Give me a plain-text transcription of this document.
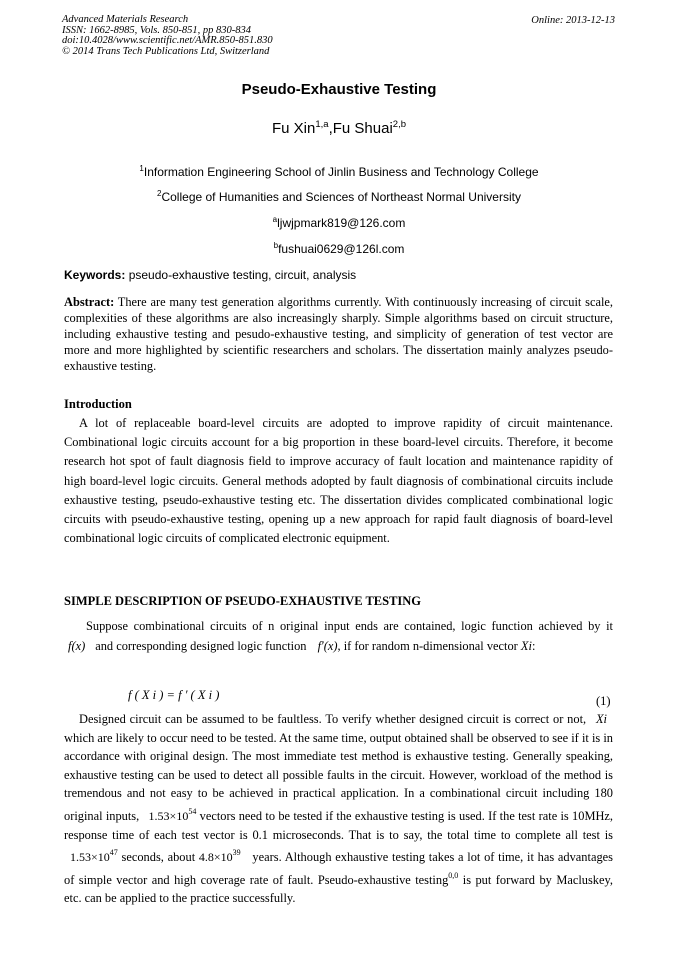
Advanced Materials Research
ISSN: 1662-8985, Vols. 850-851, pp 830-834
doi:10.4028/www.scientific.net/AMR.850-851.830
© 2014 Trans Tech Publications Ltd, Switzerland
Online: 2013-12-13
Pseudo-Exhaustive Testing
Fu Xin$^{1,a}$,Fu Shuai$^{2,b}$
$^1$Information Engineering School of Jinlin Business and Technology College
$^2$College of Humanities and Sciences of Northeast Normal University
$^a$ljwjpmark819@126.com
$^b$fushuai0629@126l.com
Keywords: pseudo-exhaustive testing, circuit, analysis
Abstract: There are many test generation algorithms currently. With continuously increasing of circuit scale, complexities of these algorithms are also increasingly sharply. Simple algorithms based on circuit structure, including exhaustive testing and pesudo-exhaustive testing, and simplicity of generation of test vector are more and more highlighted by scientific researchers and scholars. The dissertation mainly analyzes pseudo-exhaustive testing.
Introduction
A lot of replaceable board-level circuits are adopted to improve rapidity of circuit maintenance. Combinational logic circuits account for a big proportion in these board-level circuits. Therefore, it become research hot spot of fault diagnosis field to improve accuracy of fault location and maintenance rapidity of high board-level logic circuits. General methods adopted by fault diagnosis of combinational circuits include exhaustive testing, pseudo-exhaustive testing etc. The dissertation divides complicated combinational logic circuits with pseudo-exhaustive testing, opening up a new approach for rapid fault diagnosis of board-level combinational logic circuits of complicated electronic equipment.
SIMPLE DESCRIPTION OF PSEUDO-EXHAUSTIVE TESTING
Suppose combinational circuits of n original input ends are contained, logic function achieved by it f(x) and corresponding designed logic function f′(x), if for random n-dimensional vector Xi:
f ( X i ) = f ′ ( X i )	(1)
Designed circuit can be assumed to be faultless. To verify whether designed circuit is correct or not, Xi which are likely to occur need to be tested. At the same time, output obtained shall be observed to see if it is in accordance with original design. The most immediate test method is exhaustive testing. Generally speaking, exhaustive testing can be used to detect all possible faults in the circuit. However, workload of the method is tremendous and not easy to be achieved in practical application. In a combinational circuit including 180 original inputs, $1.53\times 10^{54}$ vectors need to be tested if the exhaustive testing is used. If the test rate is 10MHz, response time of each test vector is 0.1 microseconds. That is to say, the total time to complete all test is $1.53\times 10^{47}$ seconds, about $4.8\times 10^{39}$ years. Although exhaustive testing takes a lot of time, it has advantages of simple vector and high coverage rate of fault. Pseudo-exhaustive testing$^{0,0}$ is put forward by Macluskey, etc. can be applied to the practice successfully.
